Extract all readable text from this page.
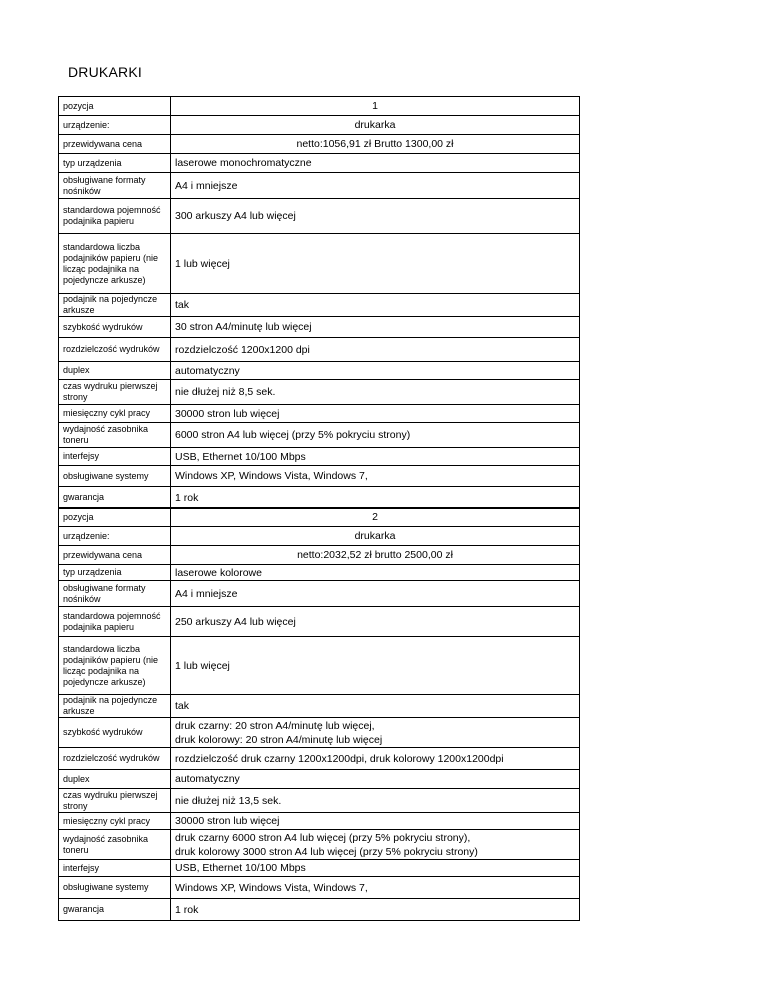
DRUKARKI
pozycja	1
urządzenie:	drukarka
przewidywana cena	netto:1056,91 zł Brutto 1300,00 zł
typ urządzenia	laserowe monochromatyczne
obsługiwane formaty nośników	A4 i mniejsze
standardowa pojemność podajnika papieru	300 arkuszy A4 lub więcej
standardowa liczba podajników papieru (nie licząc podajnika na pojedyncze arkusze)	1 lub więcej
podajnik na pojedyncze arkusze	tak
szybkość wydruków	30 stron A4/minutę lub więcej
rozdzielczość wydruków	rozdzielczość 1200x1200 dpi
duplex	automatyczny
czas wydruku pierwszej strony	nie dłużej niż 8,5 sek.
miesięczny cykl pracy	30000 stron lub więcej
wydajność zasobnika toneru	6000 stron A4 lub więcej (przy 5% pokryciu strony)
interfejsy	USB, Ethernet 10/100 Mbps
obsługiwane systemy	Windows XP, Windows Vista, Windows 7,
gwarancja	1 rok
pozycja	2
urządzenie:	drukarka
przewidywana cena	netto:2032,52 zł brutto 2500,00 zł
typ urządzenia	laserowe kolorowe
obsługiwane formaty nośników	A4 i mniejsze
standardowa pojemność podajnika papieru	250 arkuszy A4 lub więcej
standardowa liczba podajników papieru (nie licząc podajnika na pojedyncze arkusze)	1 lub więcej
podajnik na pojedyncze arkusze	tak
szybkość wydruków	druk czarny: 20 stron A4/minutę lub więcej,
druk kolorowy: 20 stron A4/minutę lub więcej
rozdzielczość wydruków	rozdzielczość druk czarny 1200x1200dpi, druk kolorowy 1200x1200dpi
duplex	automatyczny
czas wydruku pierwszej strony	nie dłużej niż 13,5 sek.
miesięczny cykl pracy	30000 stron lub więcej
wydajność zasobnika toneru	druk czarny 6000 stron A4 lub więcej (przy 5% pokryciu strony),
druk kolorowy 3000 stron A4 lub więcej (przy 5% pokryciu strony)
interfejsy	USB, Ethernet 10/100 Mbps
obsługiwane systemy	Windows XP, Windows Vista, Windows 7,
gwarancja	1 rok
